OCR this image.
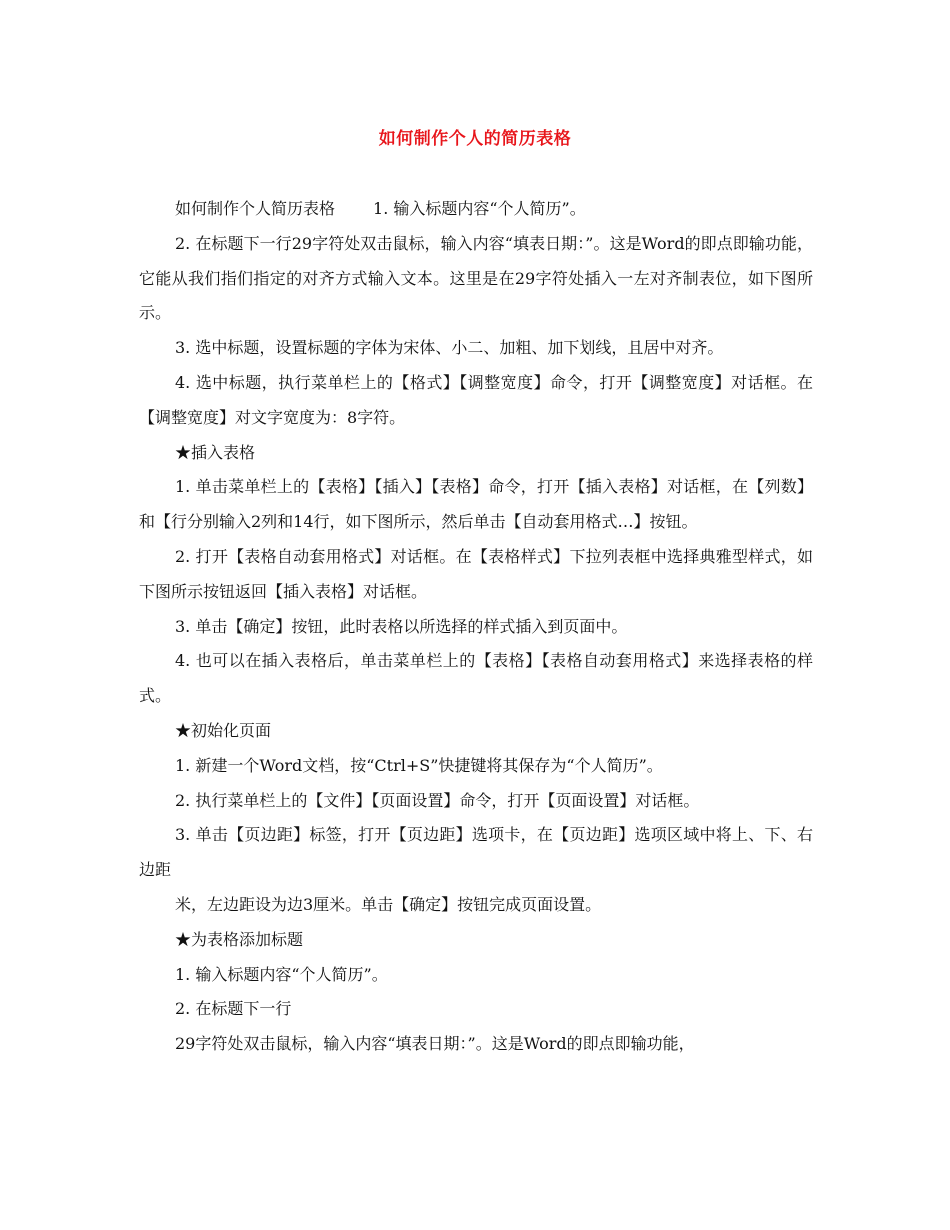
如何制作个人的简历表格

如何制作个人简历表格 1. 输入标题内容“个人简历”。

2. 在标题下一行29字符处双击鼠标，输入内容“填表日期：”。这是Word的即点即输功能，它能从我们指们指定的对齐方式输入文本。这里是在29字符处插入一左对齐制表位，如下图所示。

3. 选中标题，设置标题的字体为宋体、小二、加粗、加下划线，且居中对齐。

4. 选中标题，执行菜单栏上的【格式】【调整宽度】命令，打开【调整宽度】对话框。在【调整宽度】对文字宽度为：8字符。

★插入表格

1. 单击菜单栏上的【表格】【插入】【表格】命令，打开【插入表格】对话框，在【列数】和【行分别输入2列和14行，如下图所示，然后单击【自动套用格式…】按钮。

2. 打开【表格自动套用格式】对话框。在【表格样式】下拉列表框中选择典雅型样式，如下图所示按钮返回【插入表格】对话框。

3. 单击【确定】按钮，此时表格以所选择的样式插入到页面中。

4. 也可以在插入表格后，单击菜单栏上的【表格】【表格自动套用格式】来选择表格的样式。

★初始化页面

1. 新建一个Word文档，按“Ctrl+S”快捷键将其保存为“个人简历”。

2. 执行菜单栏上的【文件】【页面设置】命令，打开【页面设置】对话框。

3. 单击【页边距】标签，打开【页边距】选项卡，在【页边距】选项区域中将上、下、右边距

米，左边距设为边3厘米。单击【确定】按钮完成页面设置。

★为表格添加标题

1. 输入标题内容“个人简历”。

2. 在标题下一行

29字符处双击鼠标，输入内容“填表日期：”。这是Word的即点即输功能，
